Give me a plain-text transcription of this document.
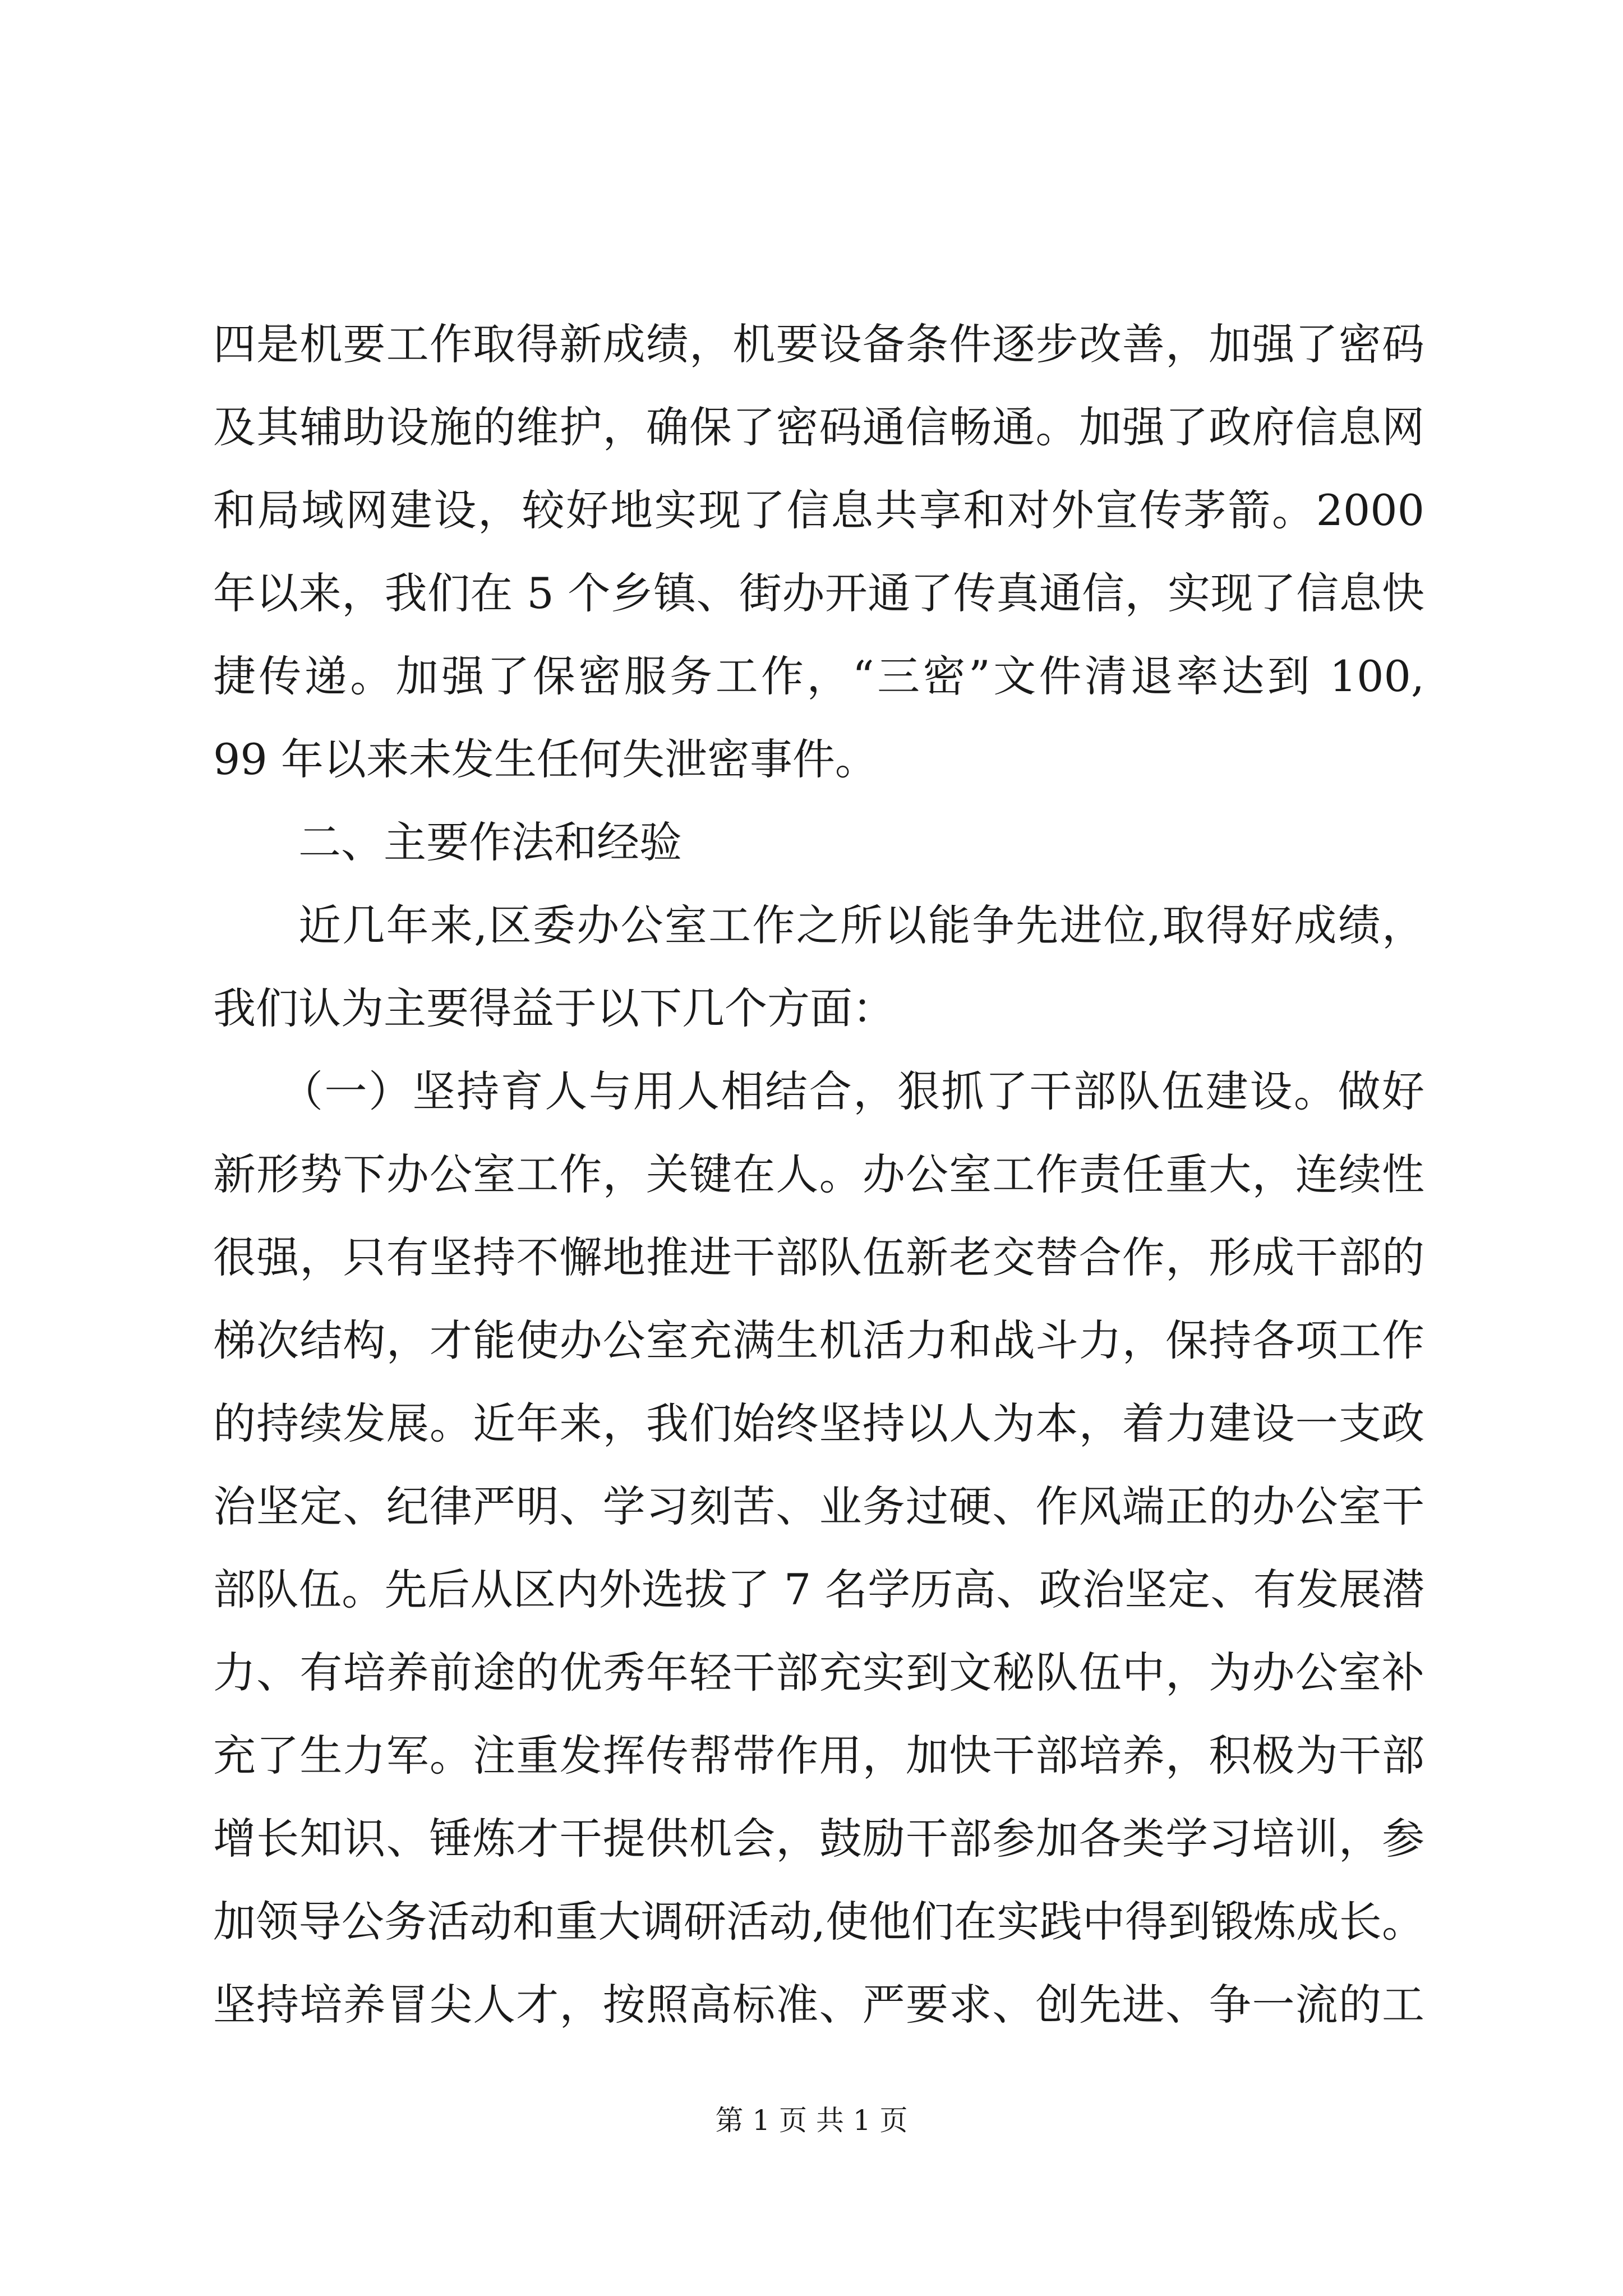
四是机要工作取得新成绩，机要设备条件逐步改善，加强了密码
及其辅助设施的维护，确保了密码通信畅通。加强了政府信息网
和局域网建设，较好地实现了信息共享和对外宣传茅箭。2000
年以来，我们在 5 个乡镇、街办开通了传真通信，实现了信息快
捷传递。加强了保密服务工作，“三密”文件清退率达到 100,
99 年以来未发生任何失泄密事件。
二、主要作法和经验
近几年来,区委办公室工作之所以能争先进位,取得好成绩，
我们认为主要得益于以下几个方面：
（一）坚持育人与用人相结合，狠抓了干部队伍建设。做好
新形势下办公室工作，关键在人。办公室工作责任重大，连续性
很强，只有坚持不懈地推进干部队伍新老交替合作，形成干部的
梯次结构，才能使办公室充满生机活力和战斗力，保持各项工作
的持续发展。近年来，我们始终坚持以人为本，着力建设一支政
治坚定、纪律严明、学习刻苦、业务过硬、作风端正的办公室干
部队伍。先后从区内外选拔了 7 名学历高、政治坚定、有发展潜
力、有培养前途的优秀年轻干部充实到文秘队伍中，为办公室补
充了生力军。注重发挥传帮带作用，加快干部培养，积极为干部
增长知识、锤炼才干提供机会，鼓励干部参加各类学习培训，参
加领导公务活动和重大调研活动,使他们在实践中得到锻炼成长。
坚持培养冒尖人才，按照高标准、严要求、创先进、争一流的工
第 1 页 共 1 页
